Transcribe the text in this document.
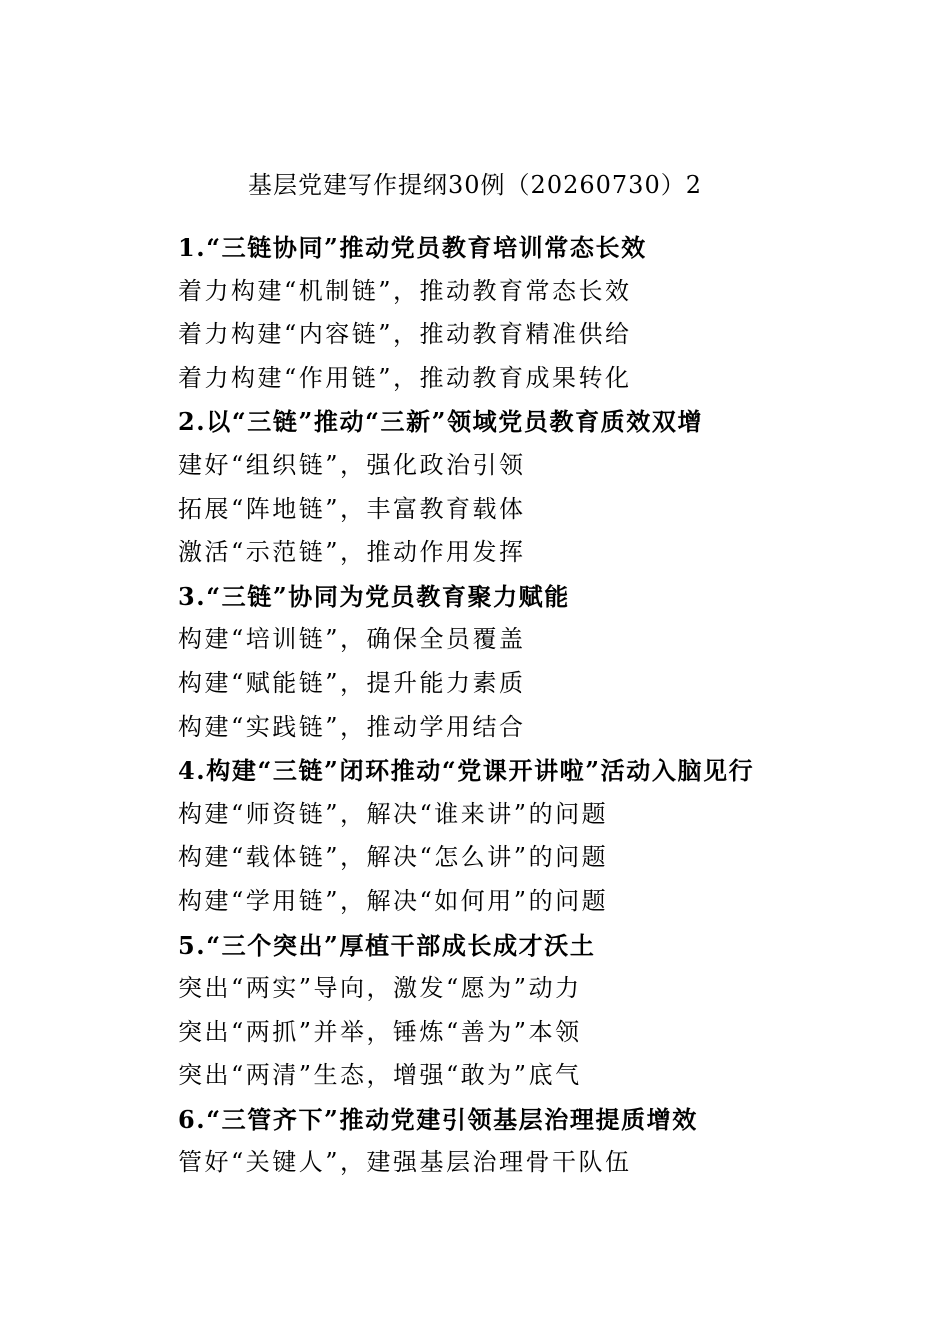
基层党建写作提纲30例（20260730）2
1.“三链协同”推动党员教育培训常态长效
着力构建“机制链”，推动教育常态长效
着力构建“内容链”，推动教育精准供给
着力构建“作用链”，推动教育成果转化
2.以“三链”推动“三新”领域党员教育质效双增
建好“组织链”，强化政治引领
拓展“阵地链”，丰富教育载体
激活“示范链”，推动作用发挥
3.“三链”协同为党员教育聚力赋能
构建“培训链”，确保全员覆盖
构建“赋能链”，提升能力素质
构建“实践链”，推动学用结合
4.构建“三链”闭环推动“党课开讲啦”活动入脑见行
构建“师资链”，解决“谁来讲”的问题
构建“载体链”，解决“怎么讲”的问题
构建“学用链”，解决“如何用”的问题
5.“三个突出”厚植干部成长成才沃土
突出“两实”导向，激发“愿为”动力
突出“两抓”并举，锤炼“善为”本领
突出“两清”生态，增强“敢为”底气
6.“三管齐下”推动党建引领基层治理提质增效
管好“关键人”，建强基层治理骨干队伍
